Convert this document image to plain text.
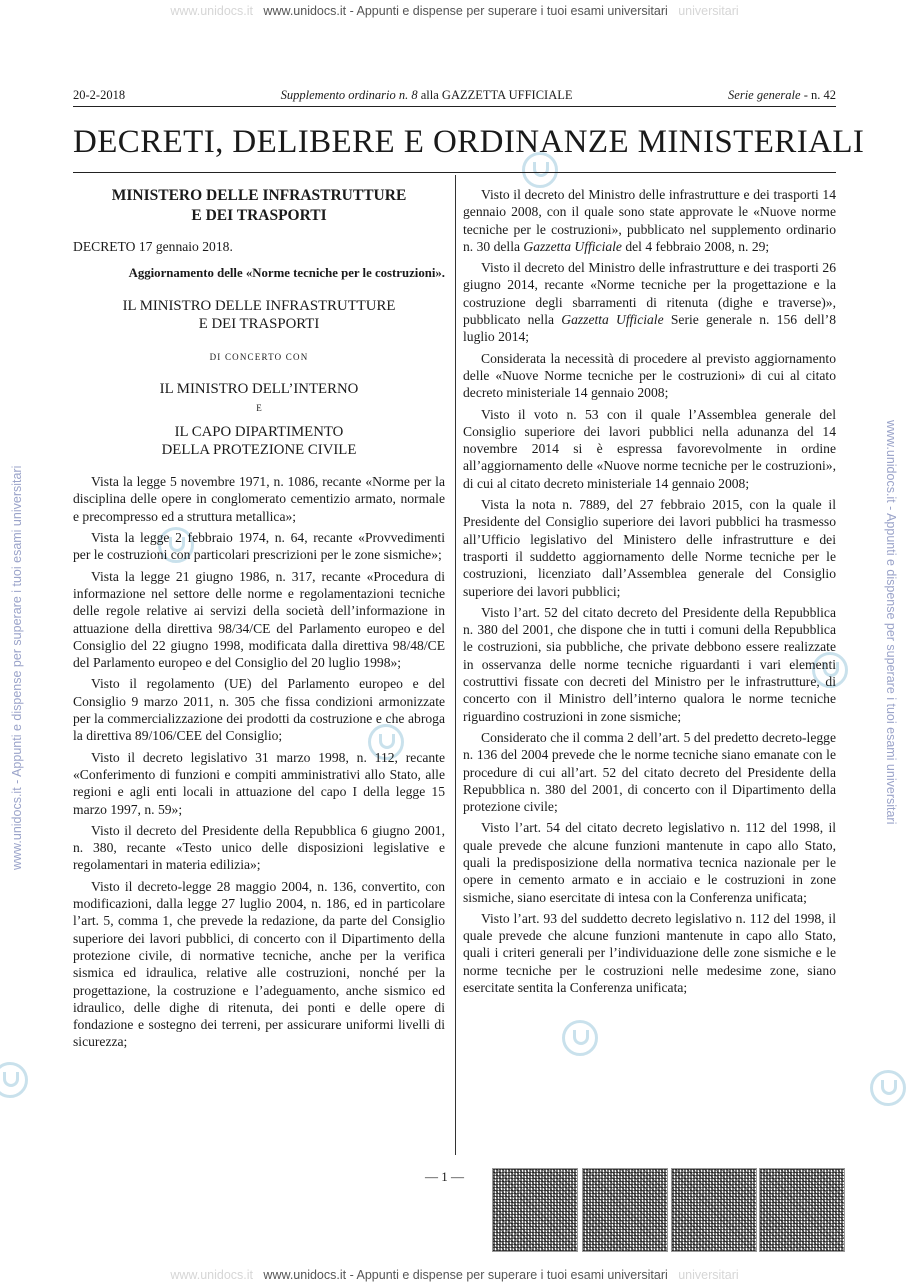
www.unidocs.it   www.unidocs.it - Appunti e dispense per superare i tuoi esami universitari   universitari
www.unidocs.it   www.unidocs.it - Appunti e dispense per superare i tuoi esami universitari   universitari
www.unidocs.it - Appunti e dispense per superare i tuoi esami universitari	www.unidocs.it - Appunti e dispense per superare i tuoi esami universitari
20-2-2018	Supplemento ordinario n. 8 alla GAZZETTA UFFICIALE	Serie generale - n. 42
DECRETI, DELIBERE E ORDINANZE MINISTERIALI
MINISTERO DELLE INFRASTRUTTURE
E DEI TRASPORTI
DECRETO 17 gennaio 2018.
Aggiornamento delle «Norme tecniche per le costruzioni».
IL MINISTRO DELLE INFRASTRUTTURE
E DEI TRASPORTI
DI CONCERTO CON
IL MINISTRO DELL’INTERNO
E
IL CAPO DIPARTIMENTO
DELLA PROTEZIONE CIVILE

Vista la legge 5 novembre 1971, n. 1086, recante «Norme per la disciplina delle opere in conglomerato cementizio armato, normale e precompresso ed a struttura metallica»;

Vista la legge 2 febbraio 1974, n. 64, recante «Provvedimenti per le costruzioni con particolari prescrizioni per le zone sismiche»;

Vista la legge 21 giugno 1986, n. 317, recante «Procedura di informazione nel settore delle norme e regolamentazioni tecniche delle regole relative ai servizi della società dell’informazione in attuazione della direttiva 98/34/CE del Parlamento europeo e del Consiglio del 22 giugno 1998, modificata dalla direttiva 98/48/CE del Parlamento europeo e del Consiglio del 20 luglio 1998»;

Visto il regolamento (UE) del Parlamento europeo e del Consiglio 9 marzo 2011, n. 305 che fissa condizioni armonizzate per la commercializzazione dei prodotti da costruzione e che abroga la direttiva 89/106/CEE del Consiglio;

Visto il decreto legislativo 31 marzo 1998, n. 112, recante «Conferimento di funzioni e compiti amministrativi allo Stato, alle regioni e agli enti locali in attuazione del capo I della legge 15 marzo 1997, n. 59»;

Visto il decreto del Presidente della Repubblica 6 giugno 2001, n. 380, recante «Testo unico delle disposizioni legislative e regolamentari in materia edilizia»;

Visto il decreto-legge 28 maggio 2004, n. 136, convertito, con modificazioni, dalla legge 27 luglio 2004, n. 186, ed in particolare l’art. 5, comma 1, che prevede la redazione, da parte del Consiglio superiore dei lavori pubblici, di concerto con il Dipartimento della protezione civile, di normative tecniche, anche per la verifica sismica ed idraulica, relative alle costruzioni, nonché per la progettazione, la costruzione e l’adeguamento, anche sismico ed idraulico, delle dighe di ritenuta, dei ponti e delle opere di fondazione e sostegno dei terreni, per assicurare uniformi livelli di sicurezza;

Visto il decreto del Ministro delle infrastrutture e dei trasporti 14 gennaio 2008, con il quale sono state approvate le «Nuove norme tecniche per le costruzioni», pubblicato nel supplemento ordinario n. 30 della Gazzetta Ufficiale del 4 febbraio 2008, n. 29;

Visto il decreto del Ministro delle infrastrutture e dei trasporti 26 giugno 2014, recante «Norme tecniche per la progettazione e la costruzione degli sbarramenti di ritenuta (dighe e traverse)», pubblicato nella Gazzetta Ufficiale Serie generale n. 156 dell’8 luglio 2014;

Considerata la necessità di procedere al previsto aggiornamento delle «Nuove Norme tecniche per le costruzioni» di cui al citato decreto ministeriale 14 gennaio 2008;

Visto il voto n. 53 con il quale l’Assemblea generale del Consiglio superiore dei lavori pubblici nella adunanza del 14 novembre 2014 si è espressa favorevolmente in ordine all’aggiornamento delle «Nuove norme tecniche per le costruzioni», di cui al citato decreto ministeriale 14 gennaio 2008;

Vista la nota n. 7889, del 27 febbraio 2015, con la quale il Presidente del Consiglio superiore dei lavori pubblici ha trasmesso all’Ufficio legislativo del Ministero delle infrastrutture e dei trasporti il suddetto aggiornamento delle Norme tecniche per le costruzioni, licenziato dall’Assemblea generale del Consiglio superiore dei lavori pubblici;

Visto l’art. 52 del citato decreto del Presidente della Repubblica n. 380 del 2001, che dispone che in tutti i comuni della Repubblica le costruzioni, sia pubbliche, che private debbono essere realizzate in osservanza delle norme tecniche riguardanti i vari elementi costruttivi fissate con decreti del Ministro per le infrastrutture, di concerto con il Ministro dell’interno qualora le norme tecniche riguardino costruzioni in zone sismiche;

Considerato che il comma 2 dell’art. 5 del predetto decreto-legge n. 136 del 2004 prevede che le norme tecniche siano emanate con le procedure di cui all’art. 52 del citato decreto del Presidente della Repubblica n. 380 del 2001, di concerto con il Dipartimento della protezione civile;

Visto l’art. 54 del citato decreto legislativo n. 112 del 1998, il quale prevede che alcune funzioni mantenute in capo allo Stato, quali la predisposizione della normativa tecnica nazionale per le opere in cemento armato e in acciaio e le costruzioni in zone sismiche, siano esercitate di intesa con la Conferenza unificata;

Visto l’art. 93 del suddetto decreto legislativo n. 112 del 1998, il quale prevede che alcune funzioni mantenute in capo allo Stato, quali i criteri generali per l’individuazione delle zone sismiche e le norme tecniche per le costruzioni nelle medesime zone, siano esercitate sentita la Conferenza unificata;

— 1 —
